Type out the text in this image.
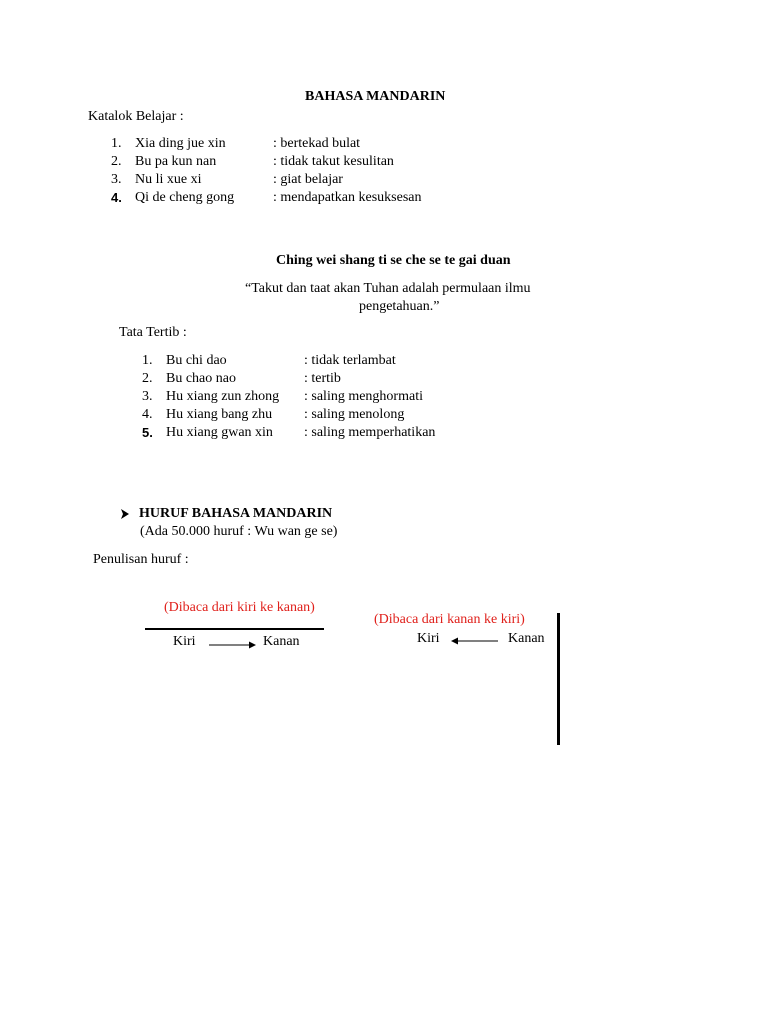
BAHASA MANDARIN
Katalok Belajar :
1. Xia ding jue xin	: bertekad bulat
2. Bu pa kun nan	: tidak takut kesulitan
3. Nu li xue xi	: giat belajar
4. Qi de cheng gong	: mendapatkan kesuksesan
Ching wei shang ti se che se te gai duan
“Takut dan taat akan Tuhan adalah permulaan ilmu
pengetahuan.”
Tata Tertib :
1. Bu chi dao	: tidak terlambat
2. Bu chao nao	: tertib
3. Hu xiang zun zhong : saling menghormati
4. Hu xiang bang zhu : saling menolong
5. Hu xiang gwan xin : saling memperhatikan
HURUF BAHASA MANDARIN
(Ada 50.000 huruf : Wu wan ge se)
Penulisan huruf :
(Dibaca dari kiri ke kanan)
Kiri	Kanan
(Dibaca dari kanan ke kiri)
Kiri	Kanan
